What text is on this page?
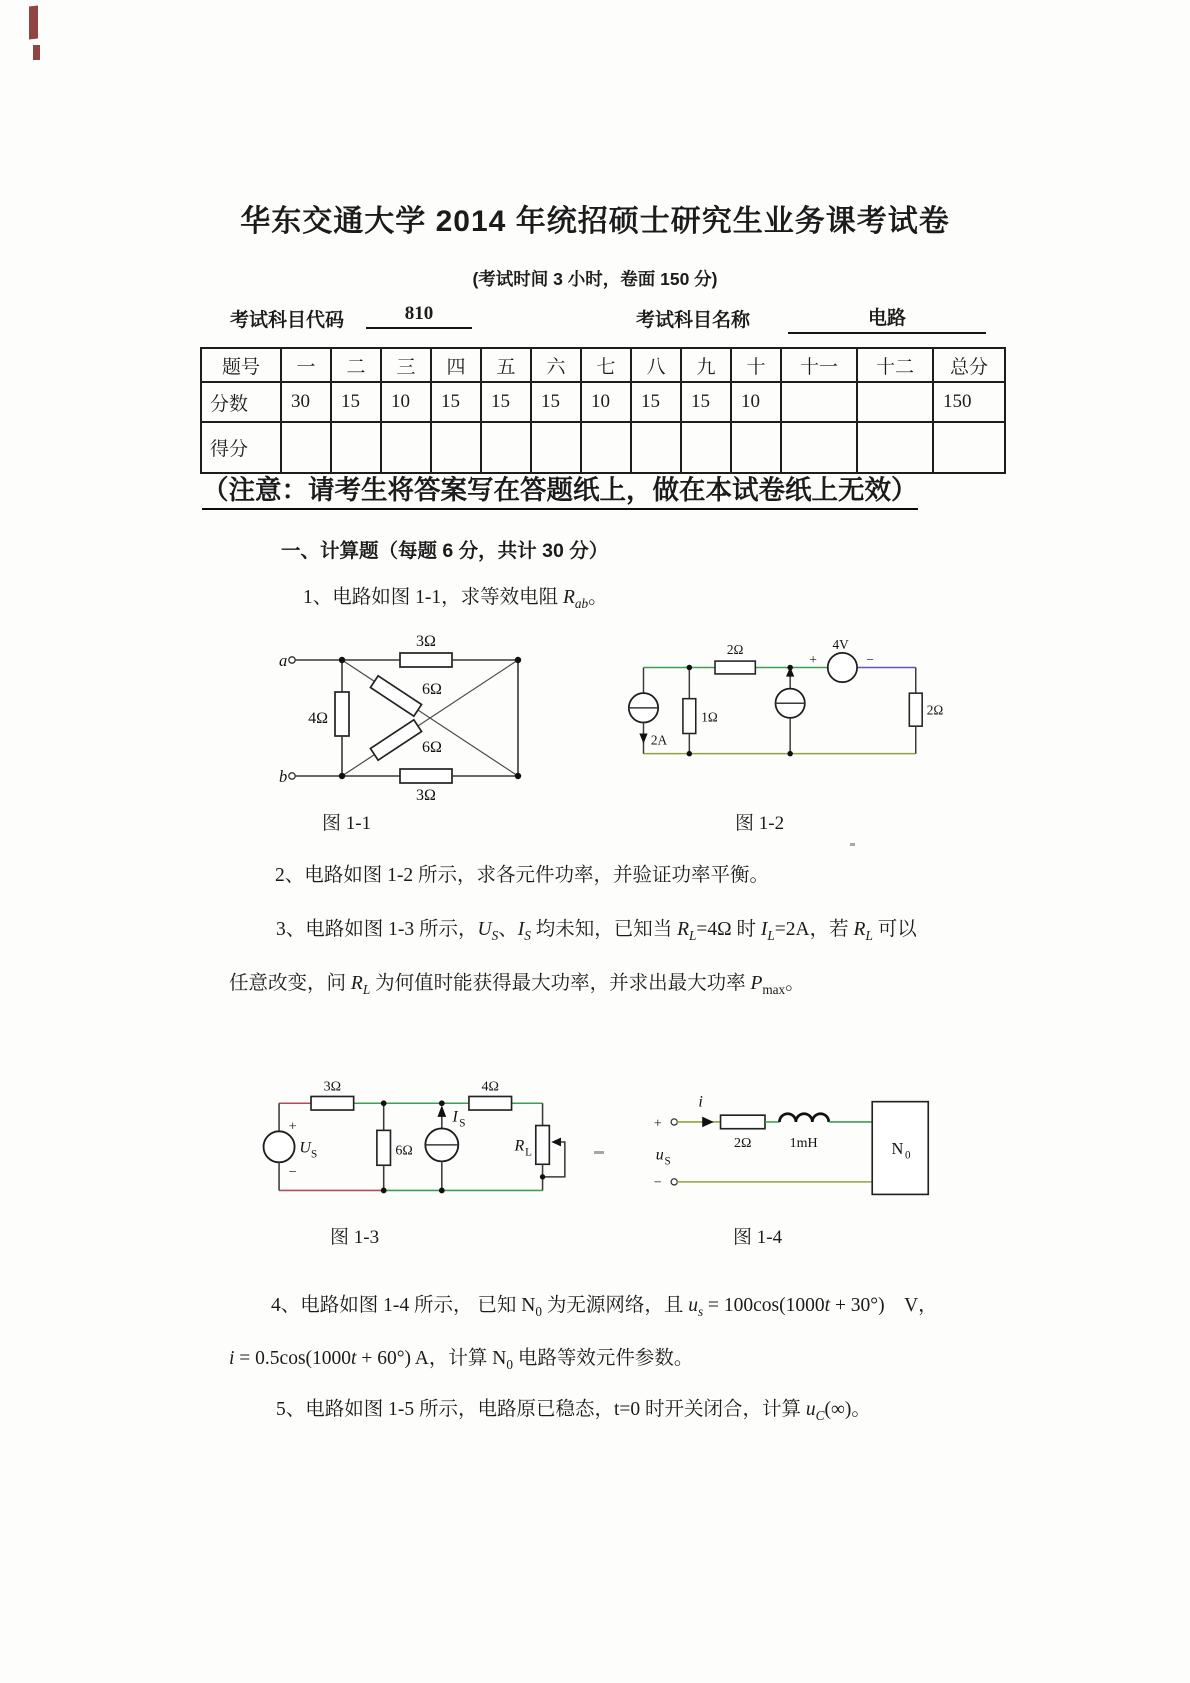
华东交通大学 2014 年统招硕士研究生业务课考试卷
(考试时间 3 小时，卷面 150 分)
考试科目代码	810	考试科目名称	电路
题号	一	二	三	四	五	六	七	八	九	十	十一	十二	总分
分数	30	15	10	15	15	15	10	15	15	10			150
得分													
（注意：请考生将答案写在答题纸上，做在本试卷纸上无效）
一、计算题（每题 6 分，共计 30 分）
1、电路如图 1-1，求等效电阻 $R_{ab}$。
2、电路如图 1-2 所示，求各元件功率，并验证功率平衡。
3、电路如图 1-3 所示，$U_S$、$I_S$ 均未知，已知当 $R_L=4\Omega$ 时 $I_L=2A$，若 $R_L$ 可以
任意改变，问 $R_L$ 为何值时能获得最大功率，并求出最大功率 $P_{max}$。
4、电路如图 1-4 所示， 已知 $N_0$ 为无源网络，且 $u_s = 100\cos(1000t + 30^\circ)$　V，
i = 0.5cos(1000t + 60°) A，计算 $N_0$ 电路等效元件参数。
5、电路如图 1-5 所示，电路原已稳态，t=0 时开关闭合，计算 $u_C(\infty)$。
a
b
3Ω
4Ω
6Ω
6Ω
3Ω
图 1-1
2A
1Ω
2Ω
+	−
4V
2Ω
图 1-2
+
−
U S
3Ω
6Ω
I S
4Ω
R L
图 1-3
+
−
u S
i
2Ω	1mH	N 0
图 1-4
